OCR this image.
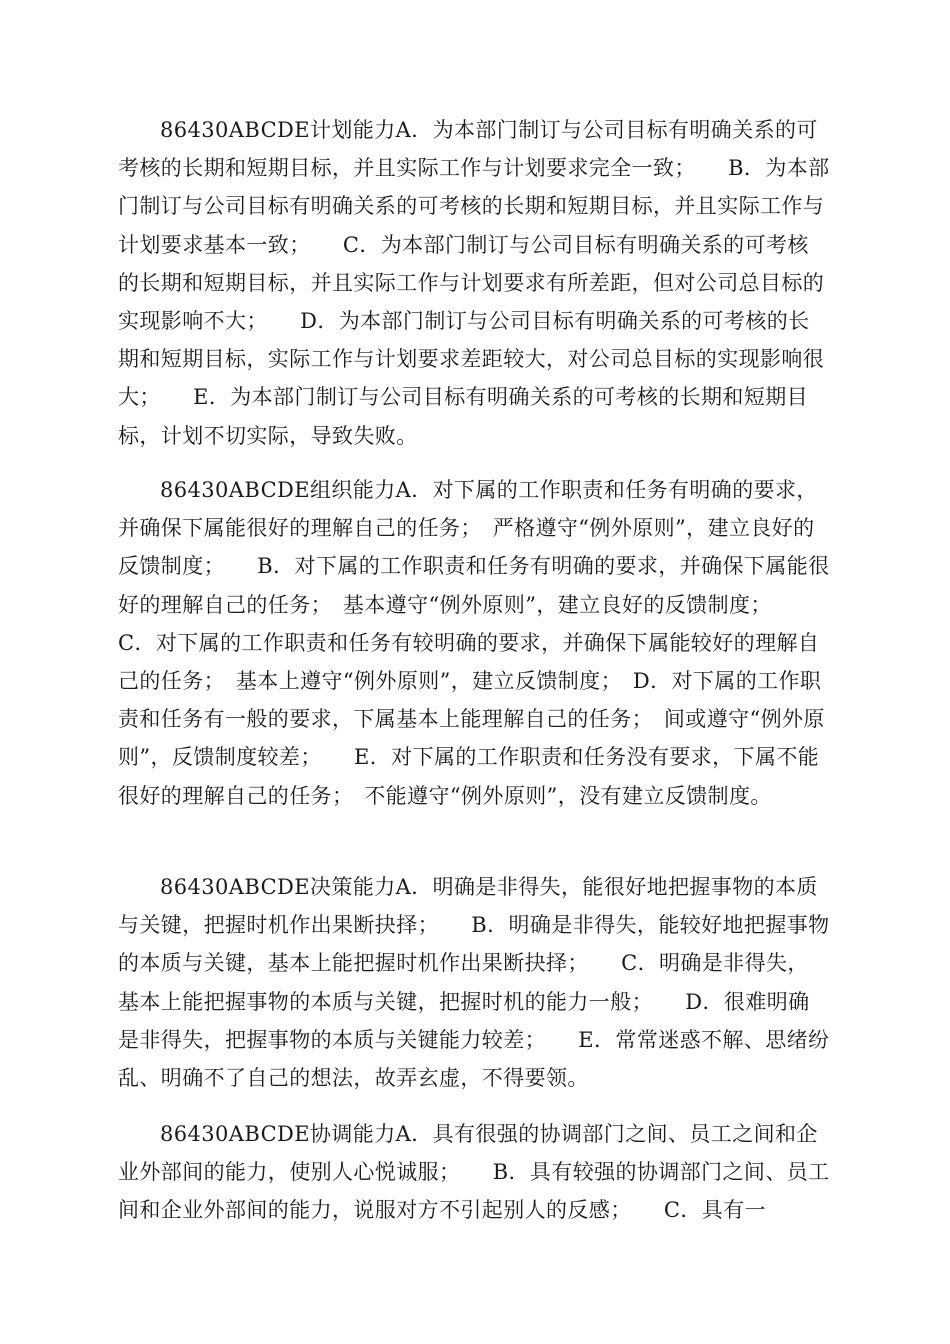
86430ABCDE计划能力A．为本部门制订与公司目标有明确关系的可考核的长期和短期目标，并且实际工作与计划要求完全一致；　　B．为本部门制订与公司目标有明确关系的可考核的长期和短期目标，并且实际工作与计划要求基本一致；　　C．为本部门制订与公司目标有明确关系的可考核的长期和短期目标，并且实际工作与计划要求有所差距，但对公司总目标的实现影响不大；　　D．为本部门制订与公司目标有明确关系的可考核的长期和短期目标，实际工作与计划要求差距较大，对公司总目标的实现影响很大；　　E．为本部门制订与公司目标有明确关系的可考核的长期和短期目标，计划不切实际，导致失败。

86430ABCDE组织能力A．对下属的工作职责和任务有明确的要求，并确保下属能很好的理解自己的任务；　严格遵守“例外原则”，建立良好的反馈制度；　　B．对下属的工作职责和任务有明确的要求，并确保下属能很好的理解自己的任务；　基本遵守“例外原则”，建立良好的反馈制度；　　C．对下属的工作职责和任务有较明确的要求，并确保下属能较好的理解自己的任务；　基本上遵守“例外原则”，建立反馈制度；　D．对下属的工作职责和任务有一般的要求，下属基本上能理解自己的任务；　间或遵守“例外原则”，反馈制度较差；　　E．对下属的工作职责和任务没有要求，下属不能很好的理解自己的任务；　不能遵守“例外原则”，没有建立反馈制度。

86430ABCDE决策能力A．明确是非得失，能很好地把握事物的本质与关键，把握时机作出果断抉择；　　B．明确是非得失，能较好地把握事物的本质与关键，基本上能把握时机作出果断抉择；　　C．明确是非得失，基本上能把握事物的本质与关键，把握时机的能力一般；　　D．很难明确是非得失，把握事物的本质与关键能力较差；　　E．常常迷惑不解、思绪纷乱、明确不了自己的想法，故弄玄虚，不得要领。

86430ABCDE协调能力A．具有很强的协调部门之间、员工之间和企业外部间的能力，使别人心悦诚服；　　B．具有较强的协调部门之间、员工间和企业外部间的能力，说服对方不引起别人的反感；　　C．具有一
